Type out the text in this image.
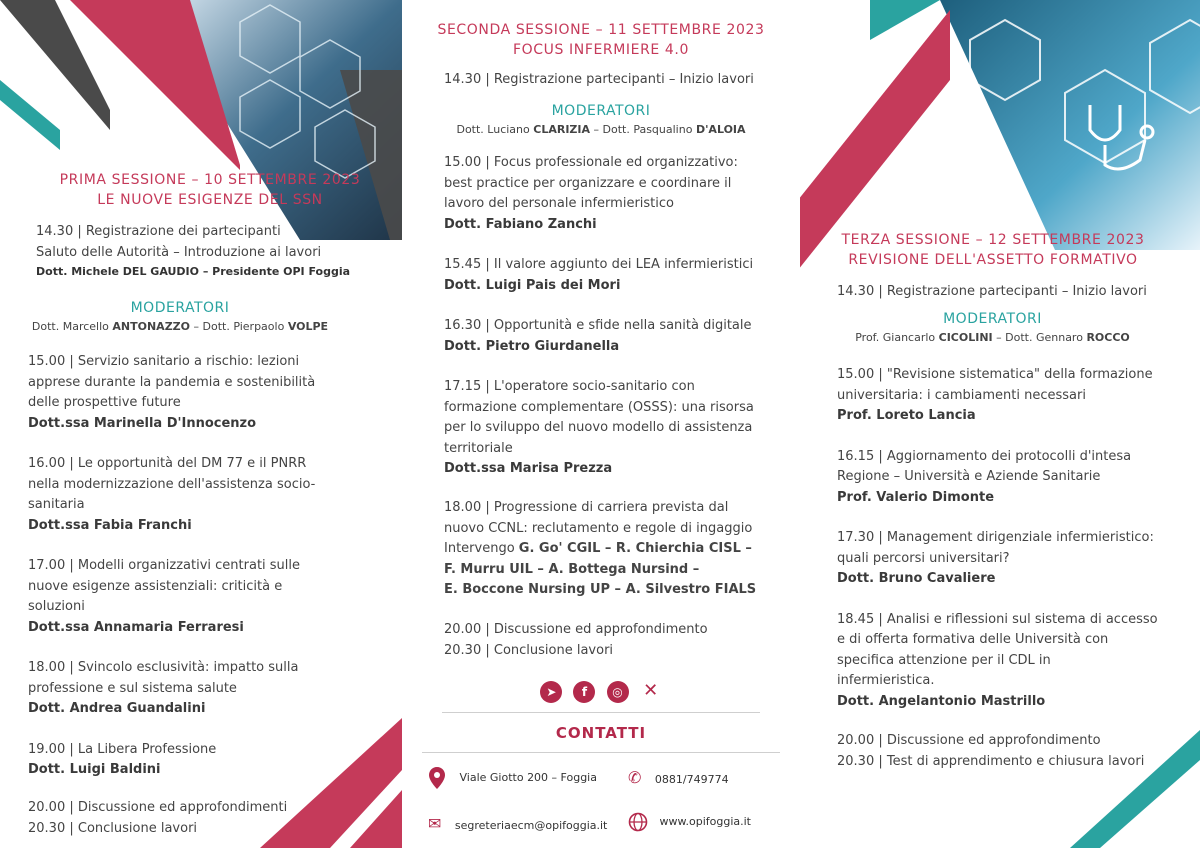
PRIMA SESSIONE – 10 SETTEMBRE 2023
LE NUOVE ESIGENZE DEL SSN
14.30 | Registrazione dei partecipanti
Saluto delle Autorità – Introduzione ai lavori
Dott. Michele DEL GAUDIO – Presidente OPI Foggia
MODERATORI
Dott. Marcello ANTONAZZO – Dott. Pierpaolo VOLPE
15.00 | Servizio sanitario a rischio: lezioni
apprese durante la pandemia e sostenibilità
delle prospettive future
Dott.ssa Marinella D'Innocenzo
16.00 | Le opportunità del DM 77 e il PNRR
nella modernizzazione dell'assistenza socio-
sanitaria
Dott.ssa Fabia Franchi
17.00 | Modelli organizzativi centrati sulle
nuove esigenze assistenziali: criticità e
soluzioni
Dott.ssa Annamaria Ferraresi
18.00 | Svincolo esclusività: impatto sulla
professione e sul sistema salute
Dott. Andrea Guandalini
19.00 | La Libera Professione
Dott. Luigi Baldini
20.00 | Discussione ed approfondimenti
20.30 | Conclusione lavori
SECONDA SESSIONE – 11 SETTEMBRE 2023
FOCUS INFERMIERE 4.0
14.30 | Registrazione partecipanti – Inizio lavori
MODERATORI
Dott. Luciano CLARIZIA – Dott. Pasqualino D'ALOIA
15.00 | Focus professionale ed organizzativo:
best practice per organizzare e coordinare il
lavoro del personale infermieristico
Dott. Fabiano Zanchi
15.45 | Il valore aggiunto dei LEA infermieristici
Dott. Luigi Pais dei Mori
16.30 | Opportunità e sfide nella sanità digitale
Dott. Pietro Giurdanella
17.15 | L'operatore socio-sanitario con
formazione complementare (OSSS): una risorsa
per lo sviluppo del nuovo modello di assistenza
territoriale
Dott.ssa Marisa Prezza
18.00 | Progressione di carriera prevista dal
nuovo CCNL: reclutamento e regole di ingaggio
Intervengo G. Go' CGIL – R. Chierchia CISL –
F. Murru UIL – A. Bottega Nursind –
E. Boccone Nursing UP – A. Silvestro FIALS
20.00 | Discussione ed approfondimento
20.30 | Conclusione lavori
➤ f ◎ ✕
CONTATTI
Viale Giotto 200 – Foggia ✆ 0881/749774
✉ segreteriaecm@opifoggia.it	www.opifoggia.it
TERZA SESSIONE – 12 SETTEMBRE 2023
REVISIONE DELL'ASSETTO FORMATIVO
14.30 | Registrazione partecipanti – Inizio lavori
MODERATORI
Prof. Giancarlo CICOLINI – Dott. Gennaro ROCCO
15.00 | "Revisione sistematica" della formazione
universitaria: i cambiamenti necessari
Prof. Loreto Lancia
16.15 | Aggiornamento dei protocolli d'intesa
Regione – Università e Aziende Sanitarie
Prof. Valerio Dimonte
17.30 | Management dirigenziale infermieristico:
quali percorsi universitari?
Dott. Bruno Cavaliere
18.45 | Analisi e riflessioni sul sistema di accesso
e di offerta formativa delle Università con
specifica attenzione per il CDL in
infermieristica.
Dott. Angelantonio Mastrillo
20.00 | Discussione ed approfondimento
20.30 | Test di apprendimento e chiusura lavori
